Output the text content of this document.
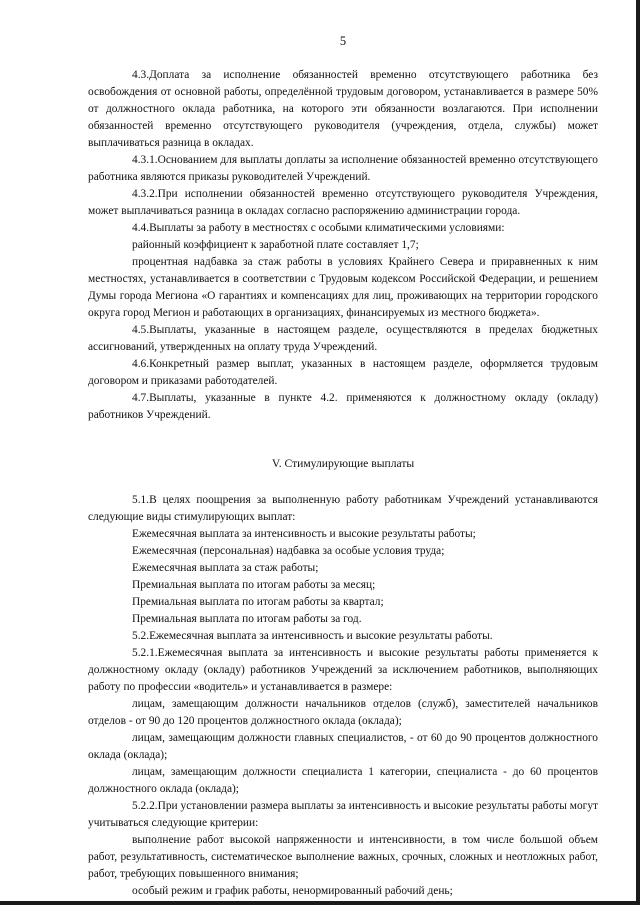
5

4.3.Доплата за исполнение обязанностей временно отсутствующего работника без освобождения от основной работы, определённой трудовым договором, устанавливается в размере 50% от должностного оклада работника, на которого эти обязанности возлагаются. При исполнении обязанностей временно отсутствующего руководителя (учреждения, отдела, службы) может выплачиваться разница в окладах.

4.3.1.Основанием для выплаты доплаты за исполнение обязанностей временно отсутствующего работника являются приказы руководителей Учреждений.

4.3.2.При исполнении обязанностей временно отсутствующего руководителя Учреждения, может выплачиваться разница в окладах согласно распоряжению администрации города.

4.4.Выплаты за работу в местностях с особыми климатическими условиями:

районный коэффициент к заработной плате составляет 1,7;

процентная надбавка за стаж работы в условиях Крайнего Севера и приравненных к ним местностях, устанавливается в соответствии с Трудовым кодексом Российской Федерации, и решением Думы города Мегиона «О гарантиях и компенсациях для лиц, проживающих на территории городского округа город Мегион и работающих в организациях, финансируемых из местного бюджета».

4.5.Выплаты, указанные в настоящем разделе, осуществляются в пределах бюджетных ассигнований, утвержденных на оплату труда Учреждений.

4.6.Конкретный размер выплат, указанных в настоящем разделе, оформляется трудовым договором и приказами работодателей.

4.7.Выплаты, указанные в пункте 4.2. применяются к должностному окладу (окладу) работников Учреждений.

V. Стимулирующие выплаты

5.1.В целях поощрения за выполненную работу работникам Учреждений устанавливаются следующие виды стимулирующих выплат:

Ежемесячная выплата за интенсивность и высокие результаты работы;

Ежемесячная (персональная) надбавка за особые условия труда;

Ежемесячная выплата за стаж работы;

Премиальная выплата по итогам работы за месяц;

Премиальная выплата по итогам работы за квартал;

Премиальная выплата по итогам работы за год.

5.2.Ежемесячная выплата за интенсивность и высокие результаты работы.

5.2.1.Ежемесячная выплата за интенсивность и высокие результаты работы применяется к должностному окладу (окладу) работников Учреждений за исключением работников, выполняющих работу по профессии «водитель» и устанавливается в размере:

лицам, замещающим должности начальников отделов (служб), заместителей начальников отделов - от 90 до 120 процентов должностного оклада (оклада);

лицам, замещающим должности главных специалистов, - от 60 до 90 процентов должностного оклада (оклада);

лицам, замещающим должности специалиста 1 категории, специалиста - до 60 процентов должностного оклада (оклада);

5.2.2.При установлении размера выплаты за интенсивность и высокие результаты работы могут учитываться следующие критерии:

выполнение работ высокой напряженности и интенсивности, в том числе большой объем работ, результативность, систематическое выполнение важных, срочных, сложных и неотложных работ, работ, требующих повышенного внимания;

особый режим и график работы, ненормированный рабочий день;
